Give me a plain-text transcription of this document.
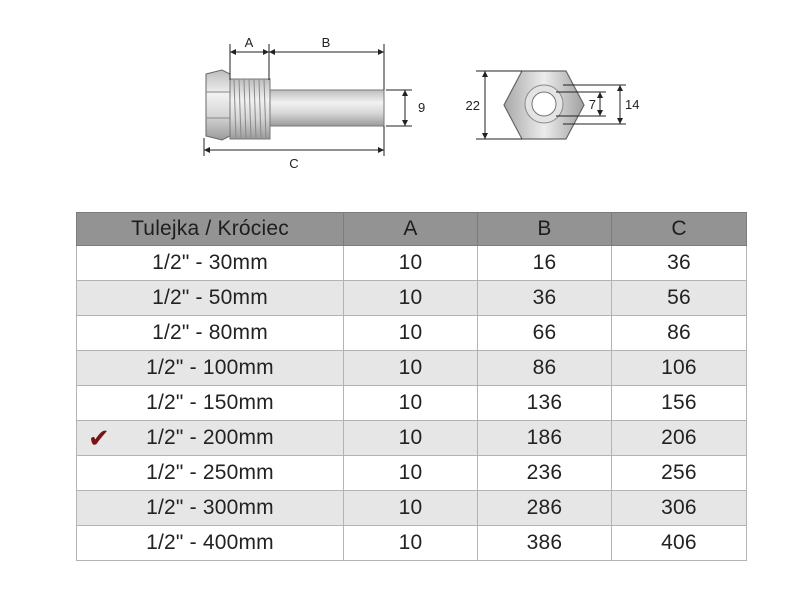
A	B
C
9	22	7 14
Tulejka / Króciec	A	B	C
1/2" - 30mm	10	16	36
1/2" - 50mm	10	36	56
1/2" - 80mm	10	66	86
1/2" - 100mm	10	86	106
1/2" - 150mm	10	136	156

✔ 1/2" - 200mm	10	186	206
1/2" - 250mm	10	236	256
1/2" - 300mm	10	286	306
1/2" - 400mm	10	386	406
